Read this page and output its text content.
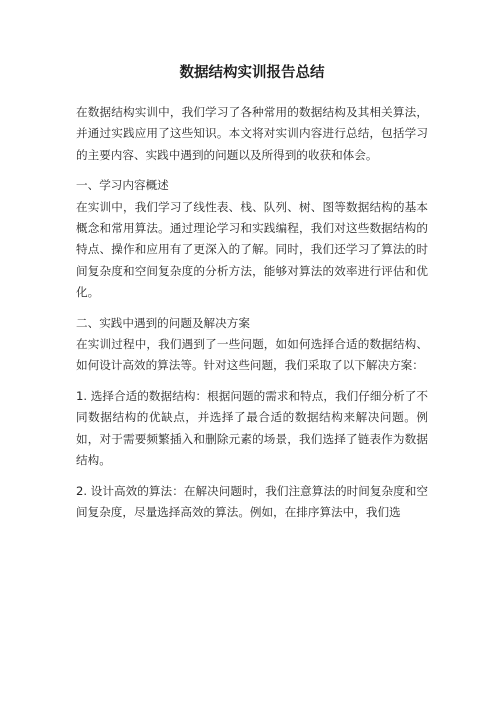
数据结构实训报告总结

在数据结构实训中，我们学习了各种常用的数据结构及其相关算法，并通过实践应用了这些知识。本文将对实训内容进行总结，包括学习的主要内容、实践中遇到的问题以及所得到的收获和体会。

一、学习内容概述

在实训中，我们学习了线性表、栈、队列、树、图等数据结构的基本概念和常用算法。通过理论学习和实践编程，我们对这些数据结构的特点、操作和应用有了更深入的了解。同时，我们还学习了算法的时间复杂度和空间复杂度的分析方法，能够对算法的效率进行评估和优化。

二、实践中遇到的问题及解决方案

在实训过程中，我们遇到了一些问题，如如何选择合适的数据结构、如何设计高效的算法等。针对这些问题，我们采取了以下解决方案：

1. 选择合适的数据结构：根据问题的需求和特点，我们仔细分析了不同数据结构的优缺点，并选择了最合适的数据结构来解决问题。例如，对于需要频繁插入和删除元素的场景，我们选择了链表作为数据结构。

2. 设计高效的算法：在解决问题时，我们注意算法的时间复杂度和空间复杂度，尽量选择高效的算法。例如，在排序算法中，我们选
